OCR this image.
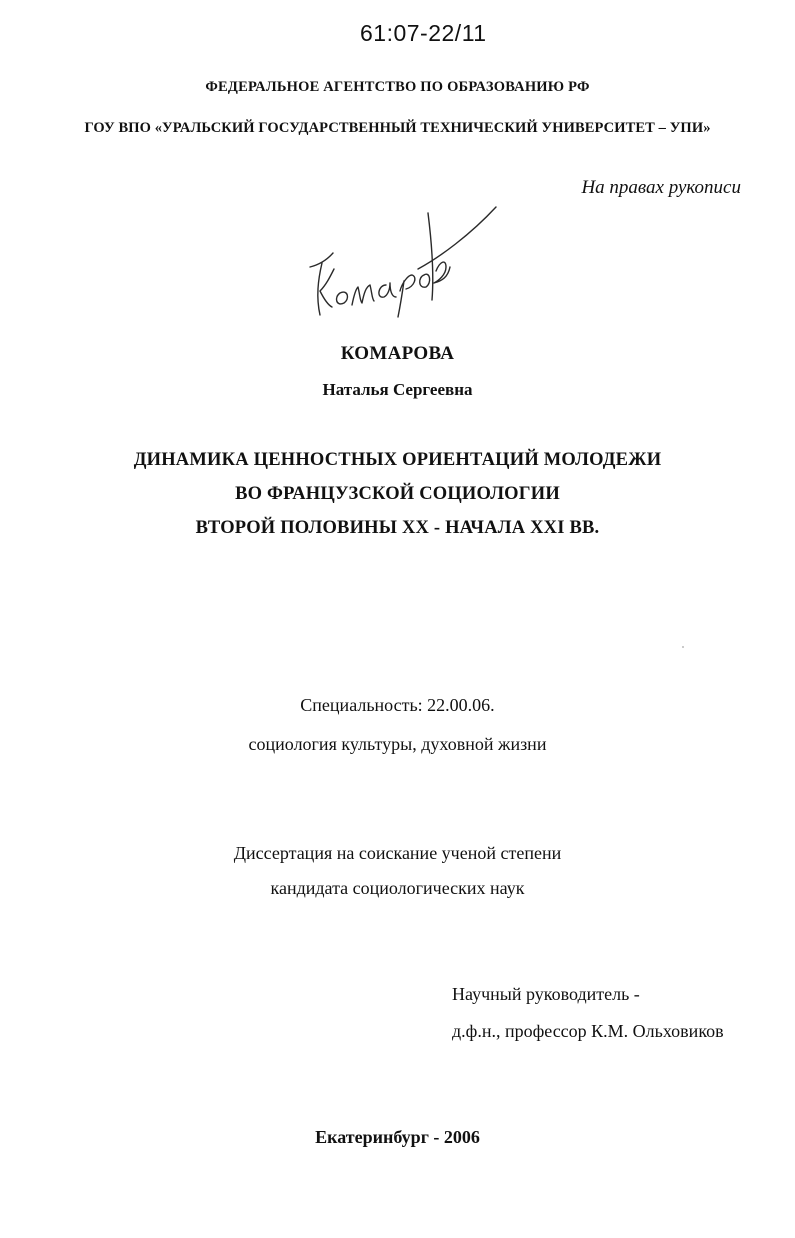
61:07-22/11
ФЕДЕРАЛЬНОЕ АГЕНТСТВО ПО ОБРАЗОВАНИЮ РФ
ГОУ ВПО «УРАЛЬСКИЙ ГОСУДАРСТВЕННЫЙ ТЕХНИЧЕСКИЙ УНИВЕРСИТЕТ – УПИ»
На правах рукописи
КОМАРОВА
Наталья Сергеевна
ДИНАМИКА ЦЕННОСТНЫХ ОРИЕНТАЦИЙ МОЛОДЕЖИ
ВО ФРАНЦУЗСКОЙ СОЦИОЛОГИИ
ВТОРОЙ ПОЛОВИНЫ XX - НАЧАЛА XXI ВВ.
Специальность: 22.00.06.
социология культуры, духовной жизни
Диссертация на соискание ученой степени
кандидата социологических наук
Научный руководитель -
д.ф.н., профессор К.М. Ольховиков
Екатеринбург - 2006
